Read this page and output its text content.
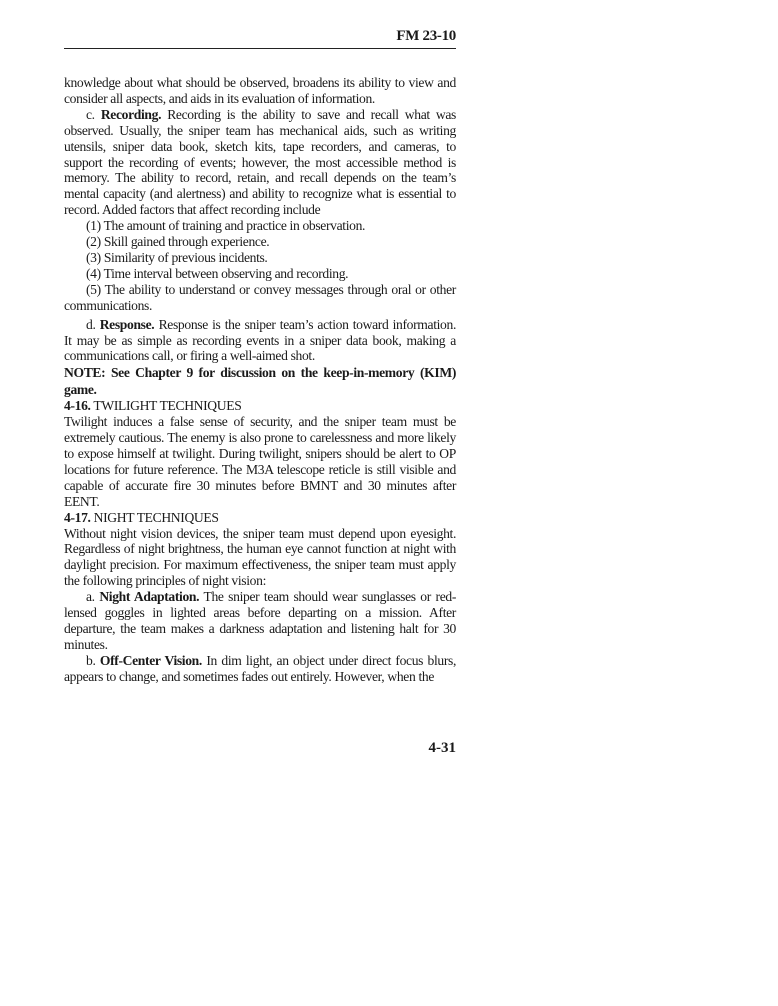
FM 23-10

knowledge about what should be observed, broadens its ability to view and consider all aspects, and aids in its evaluation of information.

c. Recording. Recording is the ability to save and recall what was observed. Usually, the sniper team has mechanical aids, such as writing utensils, sniper data book, sketch kits, tape recorders, and cameras, to support the recording of events; however, the most accessible method is memory. The ability to record, retain, and recall depends on the team’s mental capacity (and alertness) and ability to recognize what is essential to record. Added factors that affect recording include

(1) The amount of training and practice in observation.

(2) Skill gained through experience.

(3) Similarity of previous incidents.

(4) Time interval between observing and recording.

(5) The ability to understand or convey messages through oral or other communications.

d. Response. Response is the sniper team’s action toward information. It may be as simple as recording events in a sniper data book, making a communications call, or firing a well-aimed shot.

NOTE: See Chapter 9 for discussion on the keep-in-memory (KIM) game.

4-16. TWILIGHT TECHNIQUES

Twilight induces a false sense of security, and the sniper team must be extremely cautious. The enemy is also prone to carelessness and more likely to expose himself at twilight. During twilight, snipers should be alert to OP locations for future reference. The M3A telescope reticle is still visible and capable of accurate fire 30 minutes before BMNT and 30 minutes after EENT.

4-17. NIGHT TECHNIQUES

Without night vision devices, the sniper team must depend upon eyesight. Regardless of night brightness, the human eye cannot function at night with daylight precision. For maximum effectiveness, the sniper team must apply the following principles of night vision:

a. Night Adaptation. The sniper team should wear sunglasses or red-lensed goggles in lighted areas before departing on a mission. After departure, the team makes a darkness adaptation and listening halt for 30 minutes.

b. Off-Center Vision. In dim light, an object under direct focus blurs, appears to change, and sometimes fades out entirely. However, when the

4-31
